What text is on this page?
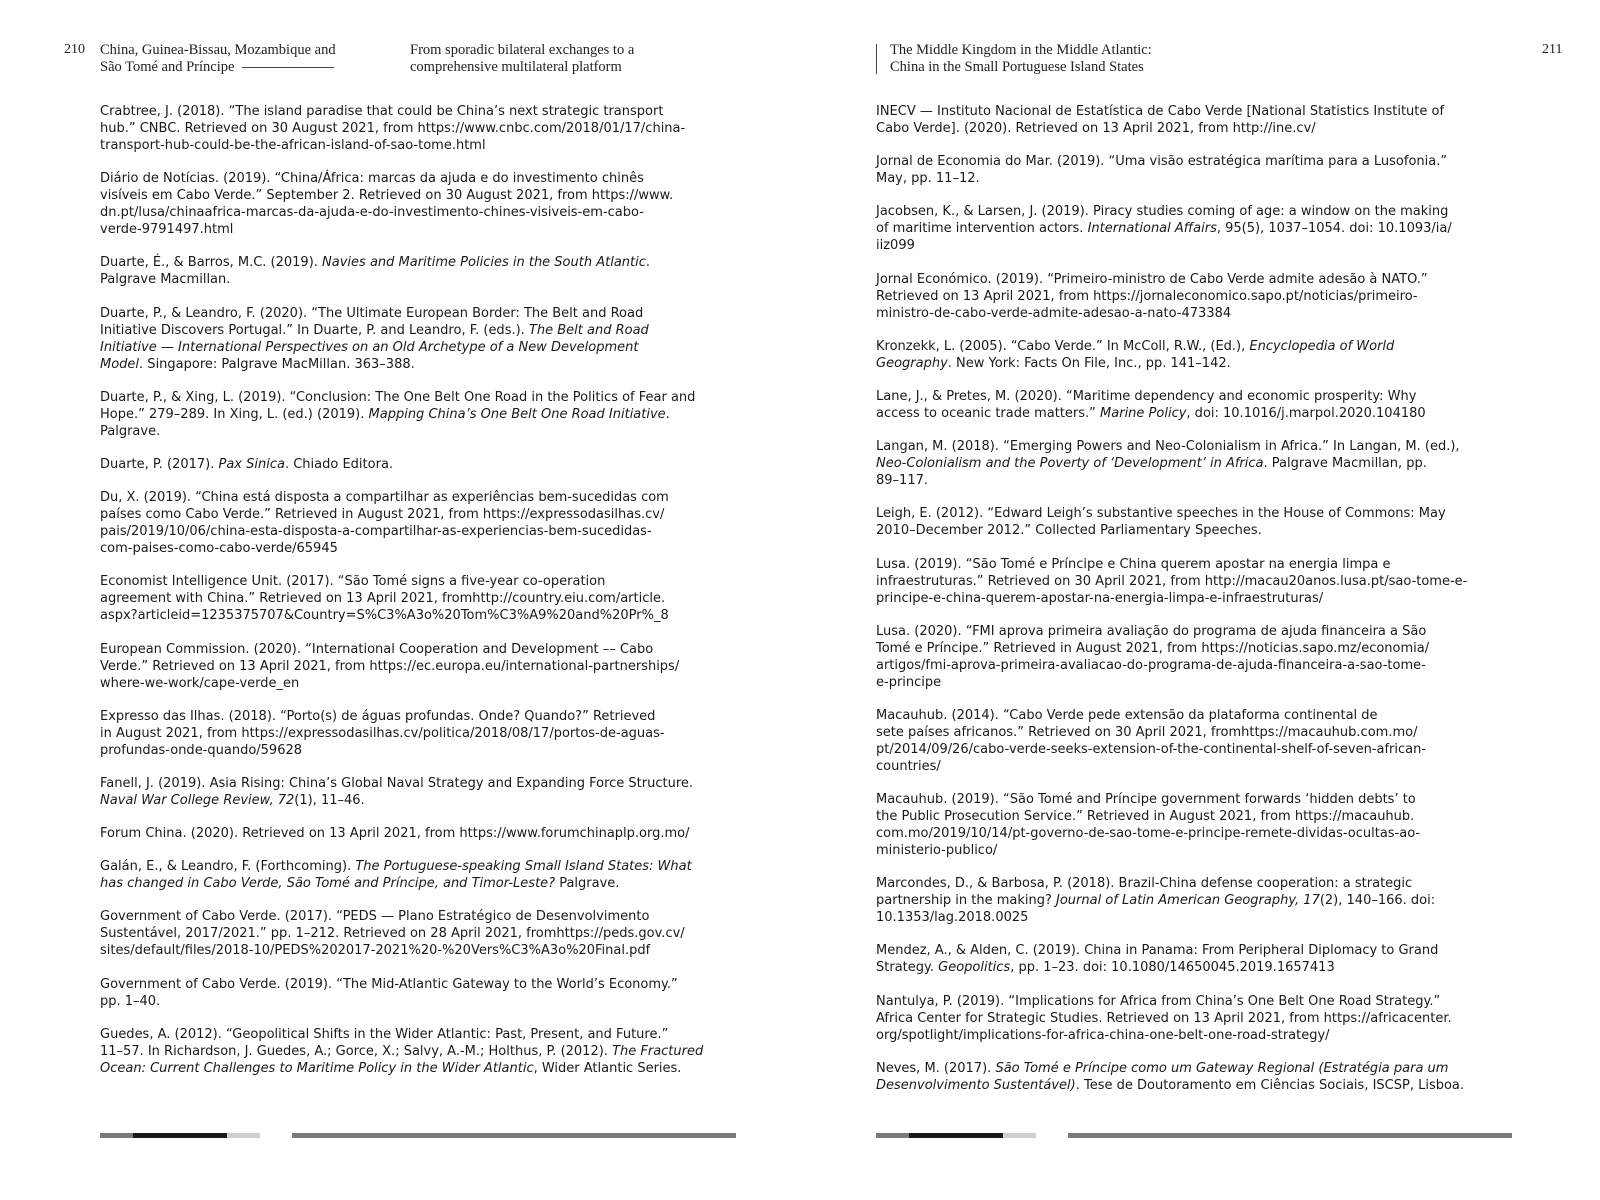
210 China, Guinea-Bissau, Mozambique and
São Tomé and Príncipe
From sporadic bilateral exchanges to a
comprehensive multilateral platform
Crabtree, J. (2018). “The island paradise that could be China’s next strategic transport
hub.” CNBC. Retrieved on 30 August 2021, from https://www.cnbc.com/2018/01/17/china-
transport-hub-could-be-the-african-island-of-sao-tome.html
Diário de Notícias. (2019). “China/África: marcas da ajuda e do investimento chinês
visíveis em Cabo Verde.” September 2. Retrieved on 30 August 2021, from https://www.
dn.pt/lusa/chinaafrica-marcas-da-ajuda-e-do-investimento-chines-visiveis-em-cabo-
verde-9791497.html
Duarte, É., & Barros, M.C. (2019). Navies and Maritime Policies in the South Atlantic.
Palgrave Macmillan.
Duarte, P., & Leandro, F. (2020). “The Ultimate European Border: The Belt and Road
Initiative Discovers Portugal.” In Duarte, P. and Leandro, F. (eds.). The Belt and Road
Initiative — International Perspectives on an Old Archetype of a New Development
Model. Singapore: Palgrave MacMillan. 363–388.
Duarte, P., & Xing, L. (2019). “Conclusion: The One Belt One Road in the Politics of Fear and
Hope.” 279–289. In Xing, L. (ed.) (2019). Mapping China’s One Belt One Road Initiative.
Palgrave.
Duarte, P. (2017). Pax Sinica. Chiado Editora.
Du, X. (2019). “China está disposta a compartilhar as experiências bem-sucedidas com
países como Cabo Verde.” Retrieved in August 2021, from https://expressodasilhas.cv/
pais/2019/10/06/china-esta-disposta-a-compartilhar-as-experiencias-bem-sucedidas-
com-paises-como-cabo-verde/65945
Economist Intelligence Unit. (2017). “São Tomé signs a five-year co-operation
agreement with China.” Retrieved on 13 April 2021, fromhttp://country.eiu.com/article.
aspx?articleid=1235375707&Country=S%C3%A3o%20Tom%C3%A9%20and%20Pr%_8
European Commission. (2020). “International Cooperation and Development –– Cabo
Verde.” Retrieved on 13 April 2021, from https://ec.europa.eu/international-partnerships/
where-we-work/cape-verde_en
Expresso das Ilhas. (2018). “Porto(s) de águas profundas. Onde? Quando?” Retrieved
in August 2021, from https://expressodasilhas.cv/politica/2018/08/17/portos-de-aguas-
profundas-onde-quando/59628
Fanell, J. (2019). Asia Rising: China’s Global Naval Strategy and Expanding Force Structure.
Naval War College Review, 72(1), 11–46.
Forum China. (2020). Retrieved on 13 April 2021, from https://www.forumchinaplp.org.mo/
Galán, E., & Leandro, F. (Forthcoming). The Portuguese-speaking Small Island States: What
has changed in Cabo Verde, São Tomé and Príncipe, and Timor-Leste? Palgrave.
Government of Cabo Verde. (2017). “PEDS — Plano Estratégico de Desenvolvimento
Sustentável, 2017/2021.” pp. 1–212. Retrieved on 28 April 2021, fromhttps://peds.gov.cv/
sites/default/files/2018-10/PEDS%202017-2021%20-%20Vers%C3%A3o%20Final.pdf
Government of Cabo Verde. (2019). “The Mid-Atlantic Gateway to the World’s Economy.”
pp. 1–40.
Guedes, A. (2012). “Geopolitical Shifts in the Wider Atlantic: Past, Present, and Future.”
11–57. In Richardson, J. Guedes, A.; Gorce, X.; Salvy, A.-M.; Holthus, P. (2012). The Fractured
Ocean: Current Challenges to Maritime Policy in the Wider Atlantic, Wider Atlantic Series.
The Middle Kingdom in the Middle Atlantic:
China in the Small Portuguese Island States
211
INECV — Instituto Nacional de Estatística de Cabo Verde [National Statistics Institute of
Cabo Verde]. (2020). Retrieved on 13 April 2021, from http://ine.cv/
Jornal de Economia do Mar. (2019). “Uma visão estratégica marítima para a Lusofonia.”
May, pp. 11–12.
Jacobsen, K., & Larsen, J. (2019). Piracy studies coming of age: a window on the making
of maritime intervention actors. International Affairs, 95(5), 1037–1054. doi: 10.1093/ia/
iiz099
Jornal Económico. (2019). “Primeiro-ministro de Cabo Verde admite adesão à NATO.”
Retrieved on 13 April 2021, from https://jornaleconomico.sapo.pt/noticias/primeiro-
ministro-de-cabo-verde-admite-adesao-a-nato-473384
Kronzekk, L. (2005). “Cabo Verde.” In McColl, R.W., (Ed.), Encyclopedia of World
Geography. New York: Facts On File, Inc., pp. 141–142.
Lane, J., & Pretes, M. (2020). “Maritime dependency and economic prosperity: Why
access to oceanic trade matters.” Marine Policy, doi: 10.1016/j.marpol.2020.104180
Langan, M. (2018). “Emerging Powers and Neo-Colonialism in Africa.” In Langan, M. (ed.),
Neo-Colonialism and the Poverty of ‘Development’ in Africa. Palgrave Macmillan, pp.
89–117.
Leigh, E. (2012). “Edward Leigh’s substantive speeches in the House of Commons: May
2010–December 2012.” Collected Parliamentary Speeches.
Lusa. (2019). “São Tomé e Príncipe e China querem apostar na energia limpa e
infraestruturas.” Retrieved on 30 April 2021, from http://macau20anos.lusa.pt/sao-tome-e-
principe-e-china-querem-apostar-na-energia-limpa-e-infraestruturas/
Lusa. (2020). “FMI aprova primeira avaliação do programa de ajuda financeira a São
Tomé e Príncipe.” Retrieved in August 2021, from https://noticias.sapo.mz/economia/
artigos/fmi-aprova-primeira-avaliacao-do-programa-de-ajuda-financeira-a-sao-tome-
e-principe
Macauhub. (2014). “Cabo Verde pede extensão da plataforma continental de
sete países africanos.” Retrieved on 30 April 2021, fromhttps://macauhub.com.mo/
pt/2014/09/26/cabo-verde-seeks-extension-of-the-continental-shelf-of-seven-african-
countries/
Macauhub. (2019). “São Tomé and Príncipe government forwards ‘hidden debts’ to
the Public Prosecution Service.” Retrieved in August 2021, from https://macauhub.
com.mo/2019/10/14/pt-governo-de-sao-tome-e-principe-remete-dividas-ocultas-ao-
ministerio-publico/
Marcondes, D., & Barbosa, P. (2018). Brazil-China defense cooperation: a strategic
partnership in the making? Journal of Latin American Geography, 17(2), 140–166. doi:
10.1353/lag.2018.0025
Mendez, A., & Alden, C. (2019). China in Panama: From Peripheral Diplomacy to Grand
Strategy. Geopolitics, pp. 1–23. doi: 10.1080/14650045.2019.1657413
Nantulya, P. (2019). “Implications for Africa from China’s One Belt One Road Strategy.”
Africa Center for Strategic Studies. Retrieved on 13 April 2021, from https://africacenter.
org/spotlight/implications-for-africa-china-one-belt-one-road-strategy/
Neves, M. (2017). São Tomé e Príncipe como um Gateway Regional (Estratégia para um
Desenvolvimento Sustentável). Tese de Doutoramento em Ciências Sociais, ISCSP, Lisboa.
